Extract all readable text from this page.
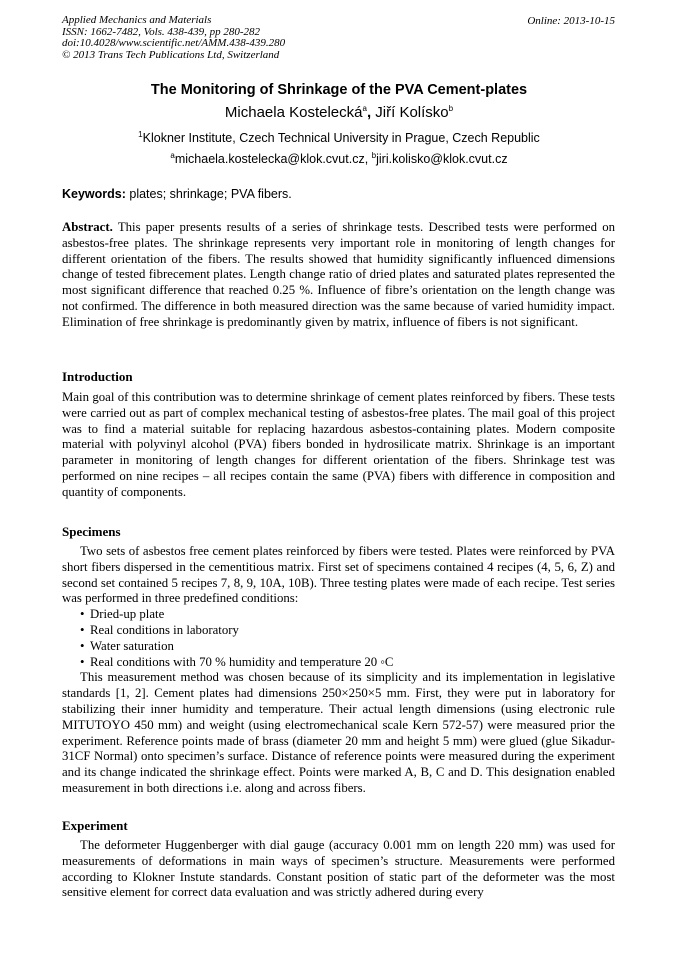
Applied Mechanics and Materials
ISSN: 1662-7482, Vols. 438-439, pp 280-282
doi:10.4028/www.scientific.net/AMM.438-439.280
© 2013 Trans Tech Publications Ltd, Switzerland
Online: 2013-10-15
The Monitoring of Shrinkage of the PVA Cement-plates
Michaela Kostelecká$^a$, Jiří Kolísko$^b$
$^1$Klokner Institute, Czech Technical University in Prague, Czech Republic
$^a$michaela.kostelecka@klok.cvut.cz, $^b$jiri.kolisko@klok.cvut.cz
Keywords: plates; shrinkage; PVA fibers.

Abstract. This paper presents results of a series of shrinkage tests. Described tests were performed on asbestos-free plates. The shrinkage represents very important role in monitoring of length changes for different orientation of the fibers. The results showed that humidity significantly influenced dimensions change of tested fibrecement plates. Length change ratio of dried plates and saturated plates represented the most significant difference that reached 0.25 %. Influence of fibre’s orientation on the length change was not confirmed. The difference in both measured direction was the same because of varied humidity impact. Elimination of free shrinkage is predominantly given by matrix, influence of fibers is not significant.

Introduction

Main goal of this contribution was to determine shrinkage of cement plates reinforced by fibers. These tests were carried out as part of complex mechanical testing of asbestos-free plates. The mail goal of this project was to find a material suitable for replacing hazardous asbestos-containing plates. Modern composite material with polyvinyl alcohol (PVA) fibers bonded in hydrosilicate matrix. Shrinkage is an important parameter in monitoring of length changes for different orientation of the fibers. Shrinkage test was performed on nine recipes – all recipes contain the same (PVA) fibers with difference in composition and quantity of components.

Specimens

Two sets of asbestos free cement plates reinforced by fibers were tested. Plates were reinforced by PVA short fibers dispersed in the cementitious matrix. First set of specimens contained 4 recipes (4, 5, 6, Z) and second set contained 5 recipes 7, 8, 9, 10A, 10B). Three testing plates were made of each recipe. Test series was performed in three predefined conditions:

• Dried-up plate
• Real conditions in laboratory
• Water saturation
• Real conditions with 70 % humidity and temperature 20 ◦C

This measurement method was chosen because of its simplicity and its implementation in legislative standards [1, 2]. Cement plates had dimensions 250×250×5 mm. First, they were put in laboratory for stabilizing their inner humidity and temperature. Their actual length dimensions (using electronic rule MITUTOYO 450 mm) and weight (using electromechanical scale Kern 572-57) were measured prior the experiment. Reference points made of brass (diameter 20 mm and height 5 mm) were glued (glue Sikadur-31CF Normal) onto specimen’s surface. Distance of reference points were measured during the experiment and its change indicated the shrinkage effect. Points were marked A, B, C and D. This designation enabled measurement in both directions i.e. along and across fibers.

Experiment

The deformeter Huggenberger with dial gauge (accuracy 0.001 mm on length 220 mm) was used for measurements of deformations in main ways of specimen’s structure. Measurements were performed according to Klokner Instute standards. Constant position of static part of the deformeter was the most sensitive element for correct data evaluation and was strictly adhered during every
